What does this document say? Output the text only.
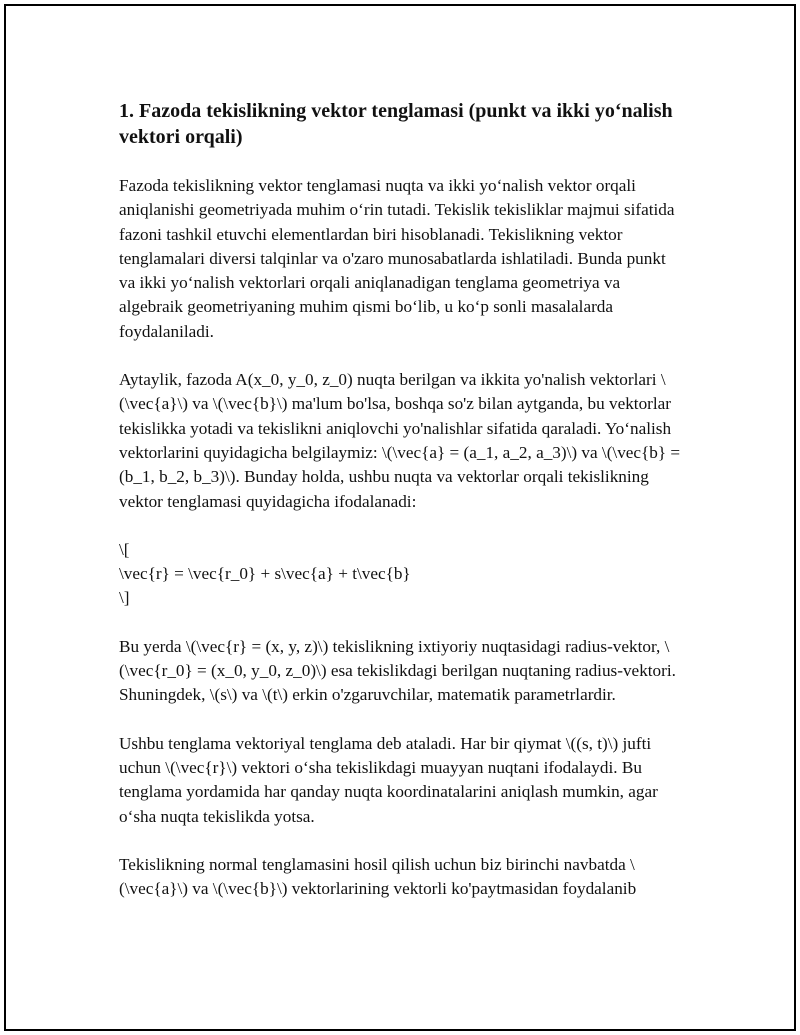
1. Fazoda tekislikning vektor tenglamasi (punkt va ikki yo‘nalish vektori orqali)

Fazoda tekislikning vektor tenglamasi nuqta va ikki yo‘nalish vektor orqali aniqlanishi geometriyada muhim o‘rin tutadi. Tekislik tekisliklar majmui sifatida fazoni tashkil etuvchi elementlardan biri hisoblanadi. Tekislikning vektor tenglamalari diversi talqinlar va o'zaro munosabatlarda ishlatiladi. Bunda punkt va ikki yo‘nalish vektorlari orqali aniqlanadigan tenglama geometriya va algebraik geometriyaning muhim qismi bo‘lib, u ko‘p sonli masalalarda foydalaniladi.

Aytaylik, fazoda A(x_0, y_0, z_0) nuqta berilgan va ikkita yo'nalish vektorlari \(\vec{a}\) va \(\vec{b}\) ma'lum bo'lsa, boshqa so'z bilan aytganda, bu vektorlar tekislikka yotadi va tekislikni aniqlovchi yo'nalishlar sifatida qaraladi. Yo‘nalish vektorlarini quyidagicha belgilaymiz: \(\vec{a} = (a_1, a_2, a_3)\) va \(\vec{b} = (b_1, b_2, b_3)\). Bunday holda, ushbu nuqta va vektorlar orqali tekislikning vektor tenglamasi quyidagicha ifodalanadi:

\[
\vec{r} = \vec{r_0} + s\vec{a} + t\vec{b}
\]

Bu yerda \(\vec{r} = (x, y, z)\) tekislikning ixtiyoriy nuqtasidagi radius-vektor, \(\vec{r_0} = (x_0, y_0, z_0)\) esa tekislikdagi berilgan nuqtaning radius-vektori. Shuningdek, \(s\) va \(t\) erkin o'zgaruvchilar, matematik parametrlardir.

Ushbu tenglama vektoriyal tenglama deb ataladi. Har bir qiymat \((s, t)\) jufti uchun \(\vec{r}\) vektori o‘sha tekislikdagi muayyan nuqtani ifodalaydi. Bu tenglama yordamida har qanday nuqta koordinatalarini aniqlash mumkin, agar o‘sha nuqta tekislikda yotsa.

Tekislikning normal tenglamasini hosil qilish uchun biz birinchi navbatda \(\vec{a}\) va \(\vec{b}\) vektorlarining vektorli ko'paytmasidan foydalanib
